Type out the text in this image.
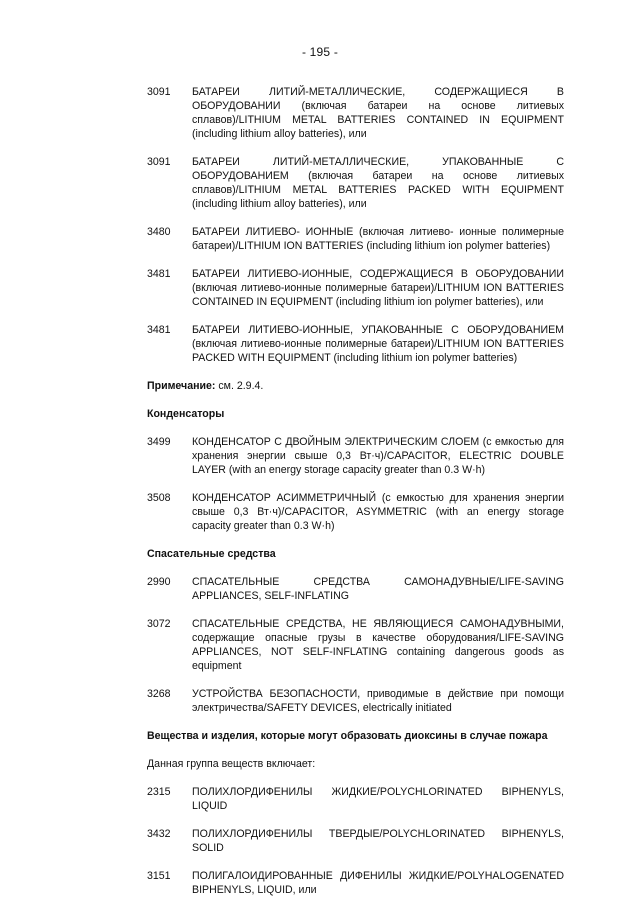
- 195 -
3091	БАТАРЕИ ЛИТИЙ-МЕТАЛЛИЧЕСКИЕ, СОДЕРЖАЩИЕСЯ В ОБОРУДОВАНИИ (включая батареи на основе литиевых сплавов)/LITHIUM METAL BATTERIES CONTAINED IN EQUIPMENT (including lithium alloy batteries), или
3091	БАТАРЕИ ЛИТИЙ-МЕТАЛЛИЧЕСКИЕ, УПАКОВАННЫЕ С ОБОРУДОВАНИЕМ (включая батареи на основе литиевых сплавов)/LITHIUM METAL BATTERIES PACKED WITH EQUIPMENT (including lithium alloy batteries), или
3480	БАТАРЕИ ЛИТИЕВО- ИОННЫЕ (включая литиево- ионные полимерные батареи)/LITHIUM ION BATTERIES (including lithium ion polymer batteries)
3481	БАТАРЕИ ЛИТИЕВО-ИОННЫЕ, СОДЕРЖАЩИЕСЯ В ОБОРУДОВАНИИ (включая литиево-ионные полимерные батареи)/LITHIUM ION BATTERIES CONTAINED IN EQUIPMENT (including lithium ion polymer batteries), или
3481	БАТАРЕИ ЛИТИЕВО-ИОННЫЕ, УПАКОВАННЫЕ С ОБОРУДОВАНИЕМ (включая литиево-ионные полимерные батареи)/LITHIUM ION BATTERIES PACKED WITH EQUIPMENT (including lithium ion polymer batteries)
Примечание: см. 2.9.4.
Конденсаторы
3499	КОНДЕНСАТОР С ДВОЙНЫМ ЭЛЕКТРИЧЕСКИМ СЛОЕМ (с емкостью для хранения энергии свыше 0,3 Вт·ч)/CAPACITOR, ELECTRIC DOUBLE LAYER (with an energy storage capacity greater than 0.3 W·h)
3508	КОНДЕНСАТОР АСИММЕТРИЧНЫЙ (с емкостью для хранения энергии свыше 0,3 Вт·ч)/CAPACITOR, ASYMMETRIC (with an energy storage capacity greater than 0.3 W·h)
Спасательные средства
2990	СПАСАТЕЛЬНЫЕ СРЕДСТВА САМОНАДУВНЫЕ/LIFE-SAVING APPLIANCES, SELF-INFLATING
3072	СПАСАТЕЛЬНЫЕ СРЕДСТВА, НЕ ЯВЛЯЮЩИЕСЯ САМОНАДУВНЫМИ, содержащие опасные грузы в качестве оборудования/LIFE-SAVING APPLIANCES, NOT SELF-INFLATING containing dangerous goods as equipment
3268	УСТРОЙСТВА БЕЗОПАСНОСТИ, приводимые в действие при помощи электричества/SAFETY DEVICES, electrically initiated
Вещества и изделия, которые могут образовать диоксины в случае пожара
Данная группа веществ включает:
2315	ПОЛИХЛОРДИФЕНИЛЫ ЖИДКИЕ/POLYCHLORINATED BIPHENYLS, LIQUID
3432	ПОЛИХЛОРДИФЕНИЛЫ ТВЕРДЫЕ/POLYCHLORINATED BIPHENYLS, SOLID
3151	ПОЛИГАЛОИДИРОВАННЫЕ ДИФЕНИЛЫ ЖИДКИЕ/POLYHALOGENATED BIPHENYLS, LIQUID, или
